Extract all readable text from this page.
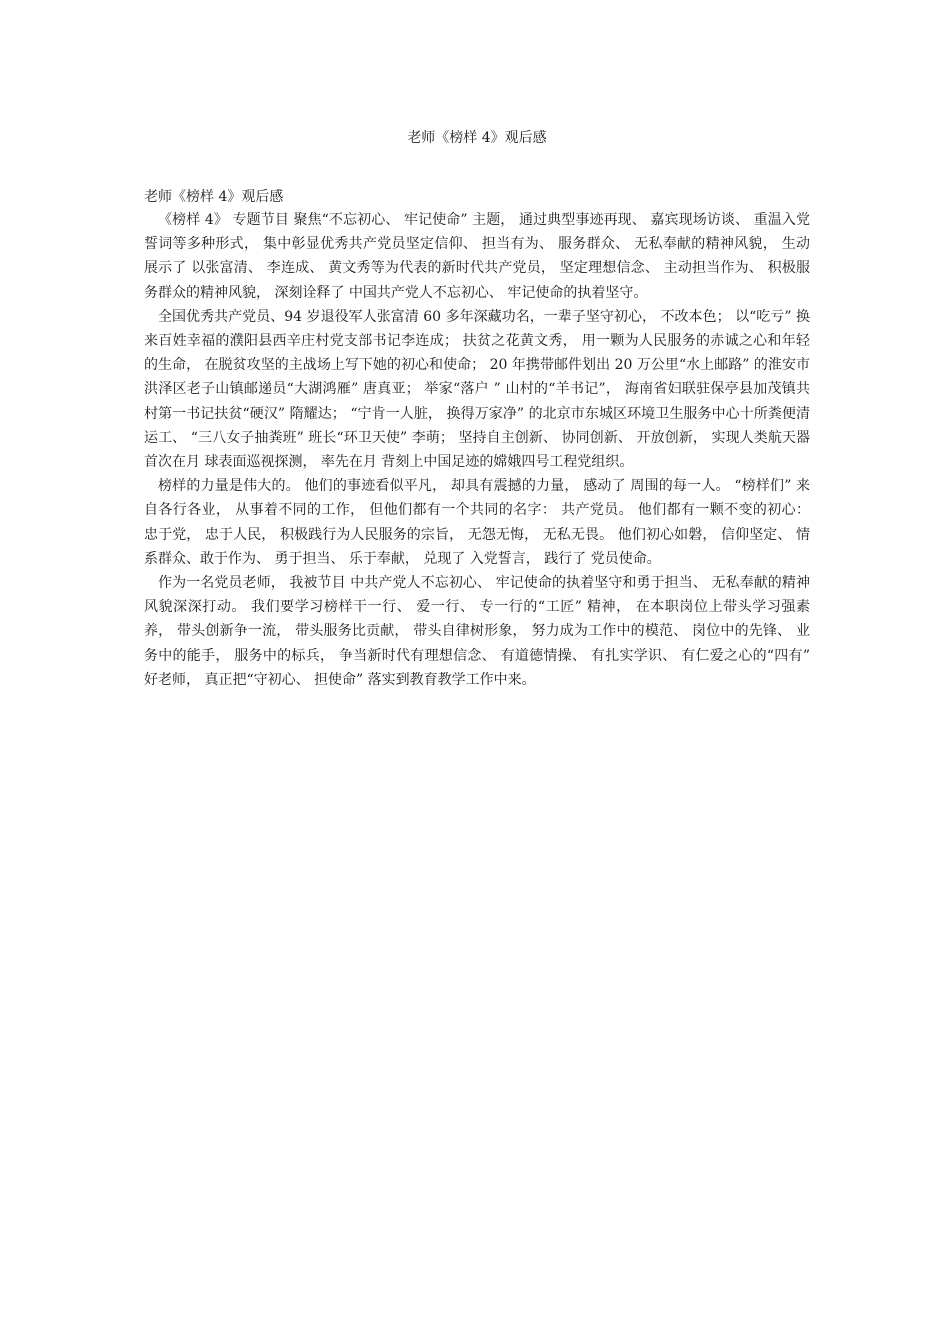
老师《榜样 4》观后感

老师《榜样 4》观后感

《榜样 4》 专题节目 聚焦“不忘初心、 牢记使命” 主题， 通过典型事迹再现、 嘉宾现场访谈、 重温入党誓词等多种形式， 集中彰显优秀共产党员坚定信仰、 担当有为、 服务群众、 无私奉献的精神风貌， 生动展示了 以张富清、 李连成、 黄文秀等为代表的新时代共产党员， 坚定理想信念、 主动担当作为、 积极服务群众的精神风貌， 深刻诠释了 中国共产党人不忘初心、 牢记使命的执着坚守。

全国优秀共产党员、94 岁退役军人张富清 60 多年深藏功名，一辈子坚守初心， 不改本色； 以“吃亏” 换来百姓幸福的濮阳县西辛庄村党支部书记李连成； 扶贫之花黄文秀， 用一颗为人民服务的赤诚之心和年轻的生命， 在脱贫攻坚的主战场上写下她的初心和使命； 20 年携带邮件划出 20 万公里“水上邮路” 的淮安市洪泽区老子山镇邮递员“大湖鸿雁” 唐真亚； 举家“落户 ” 山村的“羊书记”， 海南省妇联驻保亭县加茂镇共村第一书记扶贫“硬汉” 隋耀达； “宁肯一人脏， 换得万家净” 的北京市东城区环境卫生服务中心十所粪便清运工、 “三八女子抽粪班” 班长“环卫天使” 李萌； 坚持自主创新、 协同创新、 开放创新， 实现人类航天器首次在月 球表面巡视探测， 率先在月 背刻上中国足迹的嫦娥四号工程党组织。

榜样的力量是伟大的。 他们的事迹看似平凡， 却具有震撼的力量， 感动了 周围的每一人。 “榜样们” 来自各行各业， 从事着不同的工作， 但他们都有一个共同的名字： 共产党员。 他们都有一颗不变的初心： 忠于党， 忠于人民， 积极践行为人民服务的宗旨， 无怨无悔， 无私无畏。 他们初心如磐， 信仰坚定、 情系群众、敢于作为、 勇于担当、 乐于奉献， 兑现了 入党誓言， 践行了 党员使命。

作为一名党员老师， 我被节目 中共产党人不忘初心、 牢记使命的执着坚守和勇于担当、 无私奉献的精神风貌深深打动。 我们要学习榜样干一行、 爱一行、 专一行的“工匠” 精神， 在本职岗位上带头学习强素养， 带头创新争一流， 带头服务比贡献， 带头自律树形象， 努力成为工作中的模范、 岗位中的先锋、 业务中的能手， 服务中的标兵， 争当新时代有理想信念、 有道德情操、 有扎实学识、 有仁爱之心的“四有” 好老师， 真正把“守初心、 担使命” 落实到教育教学工作中来。
